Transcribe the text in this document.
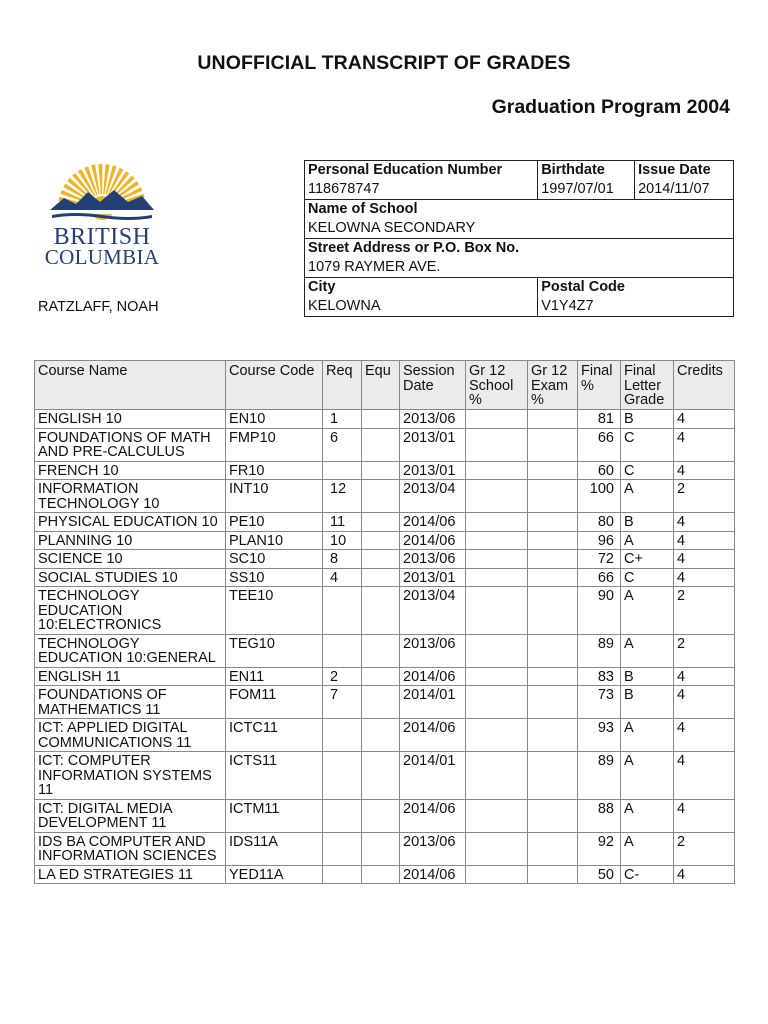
UNOFFICIAL TRANSCRIPT OF GRADES
Graduation Program 2004
BRITISH
COLUMBIA
RATZLAFF, NOAH
Personal Education Number	Birthdate	Issue Date
118678747	1997/07/01	2014/11/07
Name of School		
KELOWNA SECONDARY		
Street Address or P.O. Box No.		
1079 RAYMER AVE.		
City	Postal Code	
KELOWNA	V1Y4Z7	
Course Name	Course Code	Req	Equ	Session Date	Gr 12 School %	Gr 12 Exam %	Final %	Final Letter Grade	Credits
ENGLISH 10	EN10	1		2013/06			81	B	4
FOUNDATIONS OF MATH AND PRE-CALCULUS	FMP10	6		2013/01			66	C	4
FRENCH 10	FR10			2013/01			60	C	4
INFORMATION TECHNOLOGY 10	INT10	12		2013/04			100	A	2
PHYSICAL EDUCATION 10	PE10	11		2014/06			80	B	4
PLANNING 10	PLAN10	10		2014/06			96	A	4
SCIENCE 10	SC10	8		2013/06			72	C+	4
SOCIAL STUDIES 10	SS10	4		2013/01			66	C	4
TECHNOLOGY EDUCATION 10:ELECTRONICS	TEE10			2013/04			90	A	2
TECHNOLOGY EDUCATION 10:GENERAL	TEG10			2013/06			89	A	2
ENGLISH 11	EN11	2		2014/06			83	B	4
FOUNDATIONS OF MATHEMATICS 11	FOM11	7		2014/01			73	B	4
ICT: APPLIED DIGITAL COMMUNICATIONS 11	ICTC11			2014/06			93	A	4
ICT: COMPUTER INFORMATION SYSTEMS 11	ICTS11			2014/01			89	A	4
ICT: DIGITAL MEDIA DEVELOPMENT 11	ICTM11			2014/06			88	A	4
IDS BA COMPUTER AND INFORMATION SCIENCES	IDS11A			2013/06			92	A	2
LA ED STRATEGIES 11	YED11A			2014/06			50	C-	4
